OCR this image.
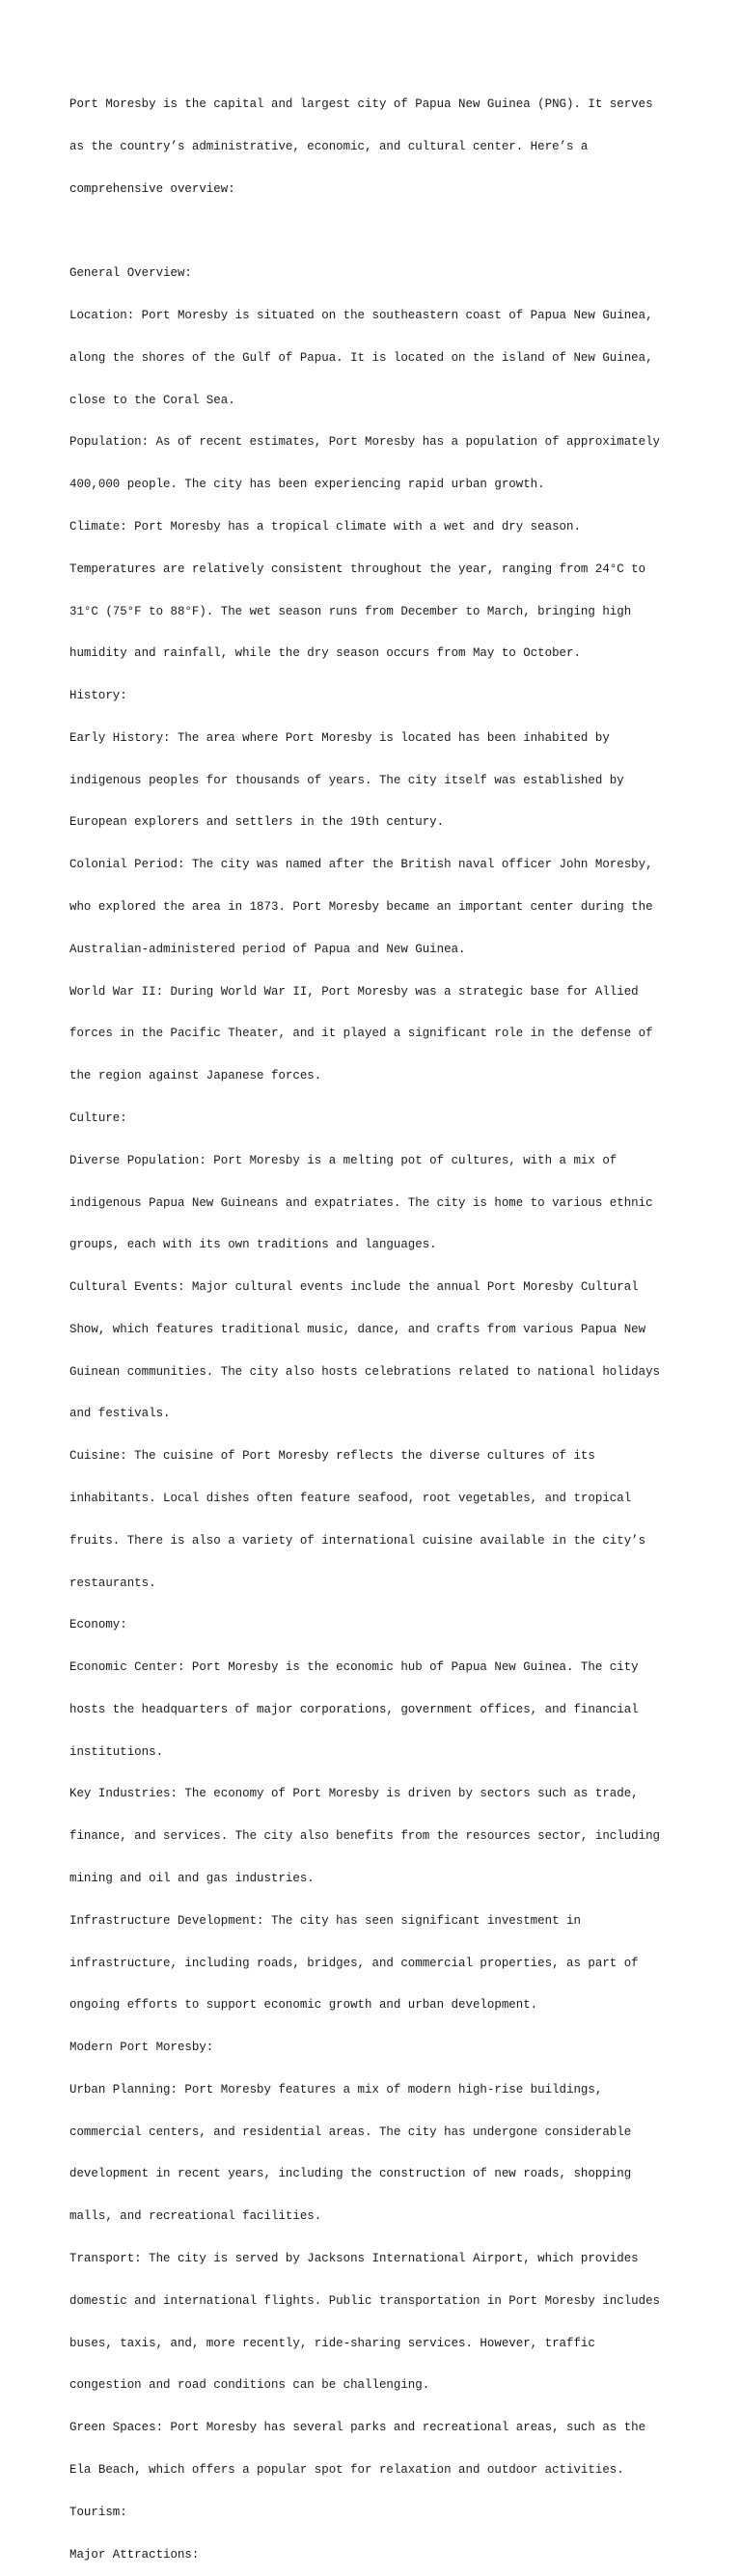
Port Moresby is the capital and largest city of Papua New Guinea (PNG). It serves

as the country’s administrative, economic, and cultural center. Here’s a

comprehensive overview:

General Overview:

Location: Port Moresby is situated on the southeastern coast of Papua New Guinea,

along the shores of the Gulf of Papua. It is located on the island of New Guinea,

close to the Coral Sea.

Population: As of recent estimates, Port Moresby has a population of approximately

400,000 people. The city has been experiencing rapid urban growth.

Climate: Port Moresby has a tropical climate with a wet and dry season.

Temperatures are relatively consistent throughout the year, ranging from 24°C to

31°C (75°F to 88°F). The wet season runs from December to March, bringing high

humidity and rainfall, while the dry season occurs from May to October.

History:

Early History: The area where Port Moresby is located has been inhabited by

indigenous peoples for thousands of years. The city itself was established by

European explorers and settlers in the 19th century.

Colonial Period: The city was named after the British naval officer John Moresby,

who explored the area in 1873. Port Moresby became an important center during the

Australian-administered period of Papua and New Guinea.

World War II: During World War II, Port Moresby was a strategic base for Allied

forces in the Pacific Theater, and it played a significant role in the defense of

the region against Japanese forces.

Culture:

Diverse Population: Port Moresby is a melting pot of cultures, with a mix of

indigenous Papua New Guineans and expatriates. The city is home to various ethnic

groups, each with its own traditions and languages.

Cultural Events: Major cultural events include the annual Port Moresby Cultural

Show, which features traditional music, dance, and crafts from various Papua New

Guinean communities. The city also hosts celebrations related to national holidays

and festivals.

Cuisine: The cuisine of Port Moresby reflects the diverse cultures of its

inhabitants. Local dishes often feature seafood, root vegetables, and tropical

fruits. There is also a variety of international cuisine available in the city’s

restaurants.

Economy:

Economic Center: Port Moresby is the economic hub of Papua New Guinea. The city

hosts the headquarters of major corporations, government offices, and financial

institutions.

Key Industries: The economy of Port Moresby is driven by sectors such as trade,

finance, and services. The city also benefits from the resources sector, including

mining and oil and gas industries.

Infrastructure Development: The city has seen significant investment in

infrastructure, including roads, bridges, and commercial properties, as part of

ongoing efforts to support economic growth and urban development.

Modern Port Moresby:

Urban Planning: Port Moresby features a mix of modern high-rise buildings,

commercial centers, and residential areas. The city has undergone considerable

development in recent years, including the construction of new roads, shopping

malls, and recreational facilities.

Transport: The city is served by Jacksons International Airport, which provides

domestic and international flights. Public transportation in Port Moresby includes

buses, taxis, and, more recently, ride-sharing services. However, traffic

congestion and road conditions can be challenging.

Green Spaces: Port Moresby has several parks and recreational areas, such as the

Ela Beach, which offers a popular spot for relaxation and outdoor activities.

Tourism:

Major Attractions:
